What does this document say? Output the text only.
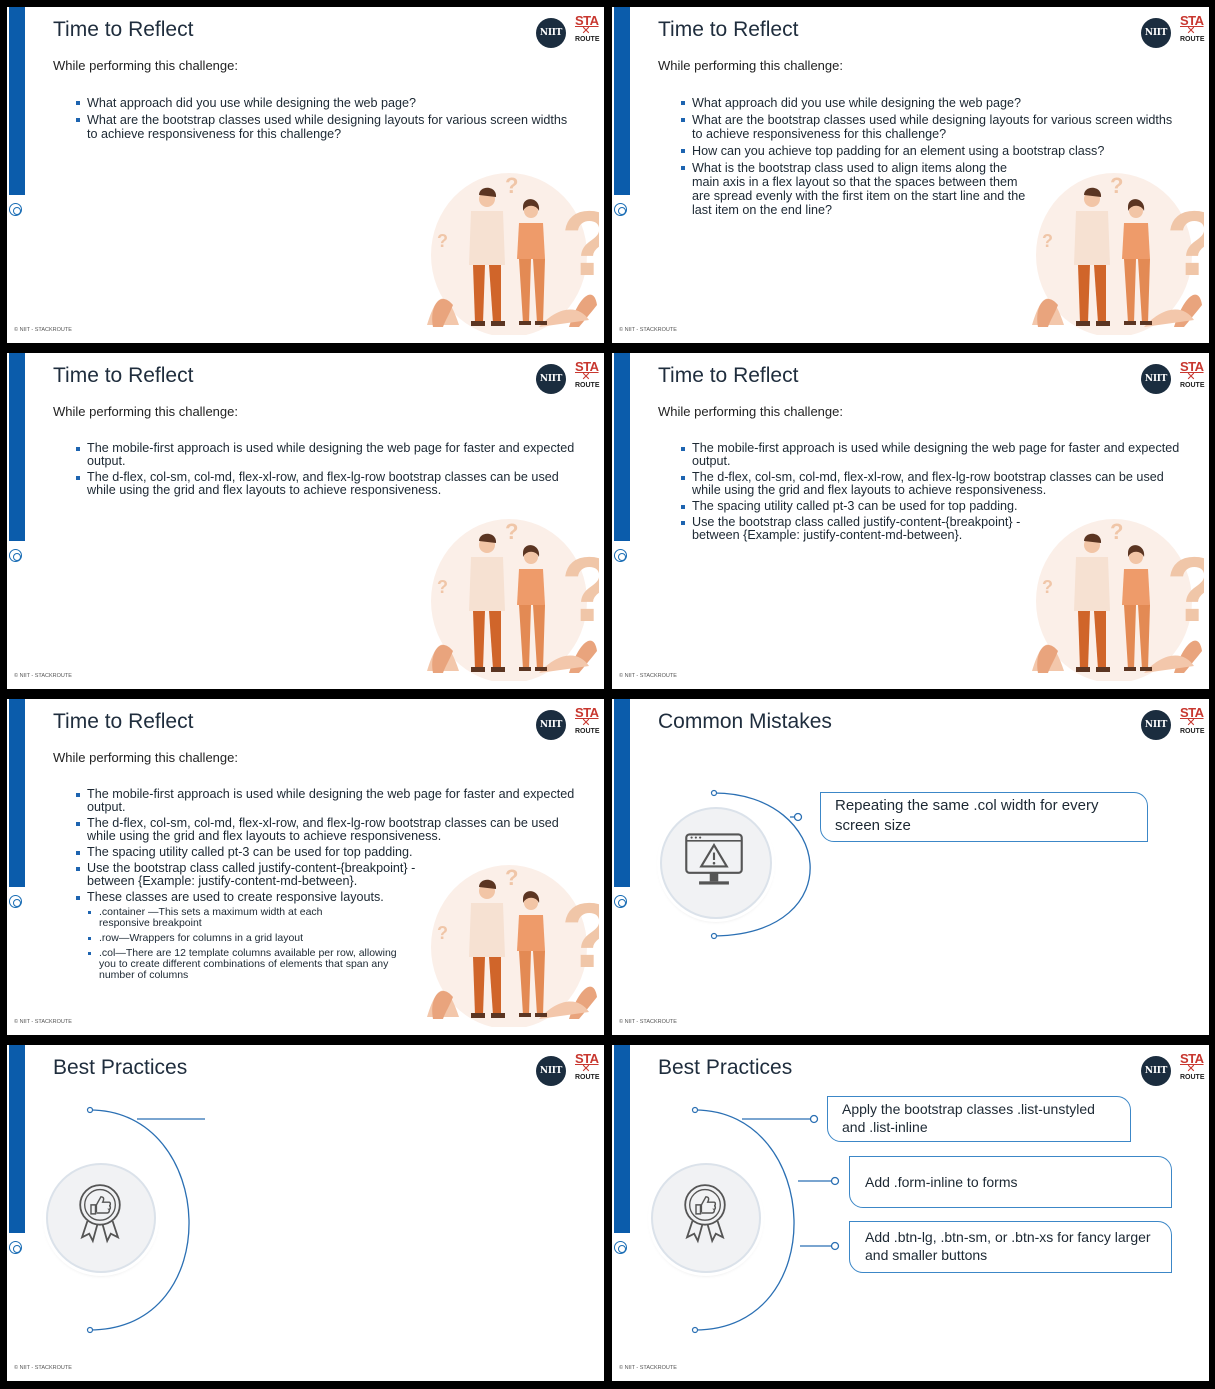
Time to Reflect	NIIT
STA
✕
ROUTE
While performing this challenge:
What approach did you use while designing the web page?
What are the bootstrap classes used while designing layouts for various screen widths to achieve responsiveness for this challenge?
© NIIT - STACKROUTE
Time to Reflect	NIIT
STA
✕
ROUTE
While performing this challenge:
What approach did you use while designing the web page?
What are the bootstrap classes used while designing layouts for various screen widths to achieve responsiveness for this challenge?
How can you achieve top padding for an element using a bootstrap class?
What is the bootstrap class used to align items along the main axis in a flex layout so that the spaces between them are spread evenly with the first item on the start line and the last item on the end line?
© NIIT - STACKROUTE
Time to Reflect	NIIT
STA
✕
ROUTE
While performing this challenge:
The mobile-first approach is used while designing the web page for faster and expected output.
The d-flex, col-sm, col-md, flex-xl-row, and flex-lg-row bootstrap classes can be used while using the grid and flex layouts to achieve responsiveness.
© NIIT - STACKROUTE
Time to Reflect	NIIT
STA
✕
ROUTE
While performing this challenge:
The mobile-first approach is used while designing the web page for faster and expected output.
The d-flex, col-sm, col-md, flex-xl-row, and flex-lg-row bootstrap classes can be used while using the grid and flex layouts to achieve responsiveness.
The spacing utility called pt-3 can be used for top padding.
Use the bootstrap class called justify-content-{breakpoint} -between {Example: justify-content-md-between}.
© NIIT - STACKROUTE
Time to Reflect	NIIT
STA
✕
ROUTE
While performing this challenge:
The mobile-first approach is used while designing the web page for faster and expected output.
The d-flex, col-sm, col-md, flex-xl-row, and flex-lg-row bootstrap classes can be used while using the grid and flex layouts to achieve responsiveness.
The spacing utility called pt-3 can be used for top padding.
Use the bootstrap class called justify-content-{breakpoint} -between {Example: justify-content-md-between}.
These classes are used to create responsive layouts.
.container —This sets a maximum width at each responsive breakpoint
.row—Wrappers for columns in a grid layout
.col—There are 12 template columns available per row, allowing you to create different combinations of elements that span any number of columns
© NIIT - STACKROUTE
Common Mistakes	NIIT
STA
✕
ROUTE
Repeating the same .col width for every screen size
© NIIT - STACKROUTE
Best Practices	NIIT
STA
✕
ROUTE
© NIIT - STACKROUTE
Best Practices	NIIT
STA
✕
ROUTE
Apply the bootstrap classes .list-unstyled and .list-inline
Add .form-inline to forms
Add .btn-lg, .btn-sm, or .btn-xs for fancy larger and smaller buttons
© NIIT - STACKROUTE
